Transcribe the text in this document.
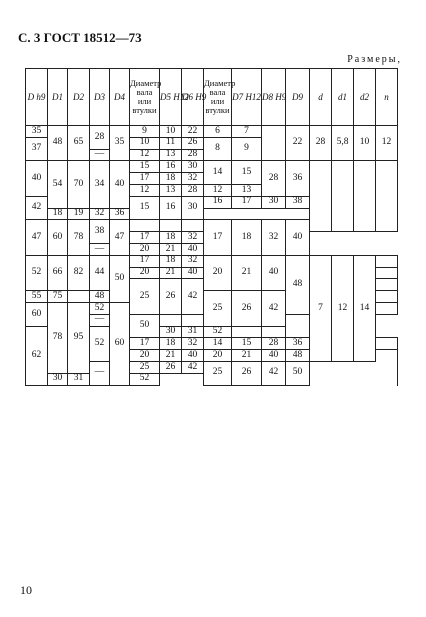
С. 3 ГОСТ 18512—73
Размеры,
D h9	D1	D2	D3	D4	Диаметр вала или втулки	D5 H12	D6 H9	Диаметр вала или втулки	D7 H12	D8 H9	D9	d	d1	d2	n	
35	48	65	28	35	9	10	22	6	7		22	28	5,8	10	12	
37					10	11	26	8	9							
			—		12	13	28									
40	54	70	34	40	15	16	30	14	15	28	36					
					17	18	32									
					12	13	28	12	13							
42					15	16	30	16	17	30	38					
	18	19	32	36												
47	60	78	38	47				17	18	32	40					
					17	18	32									
			—		20	21	40									
52	66	82	44	50	17	18	32	20	21	40	48	7	12	14		
					20	21	40									
					25	26	42									
55	75		48					25	26	42						
60	78	95	52	60												
			—		50											
62			52			30	31	52								
					17	18	32	14	15	28	36		
					20	21	40	20	21	40	48					
			—		25	26	42	25	26	42	50					
	30	31			52											
10
